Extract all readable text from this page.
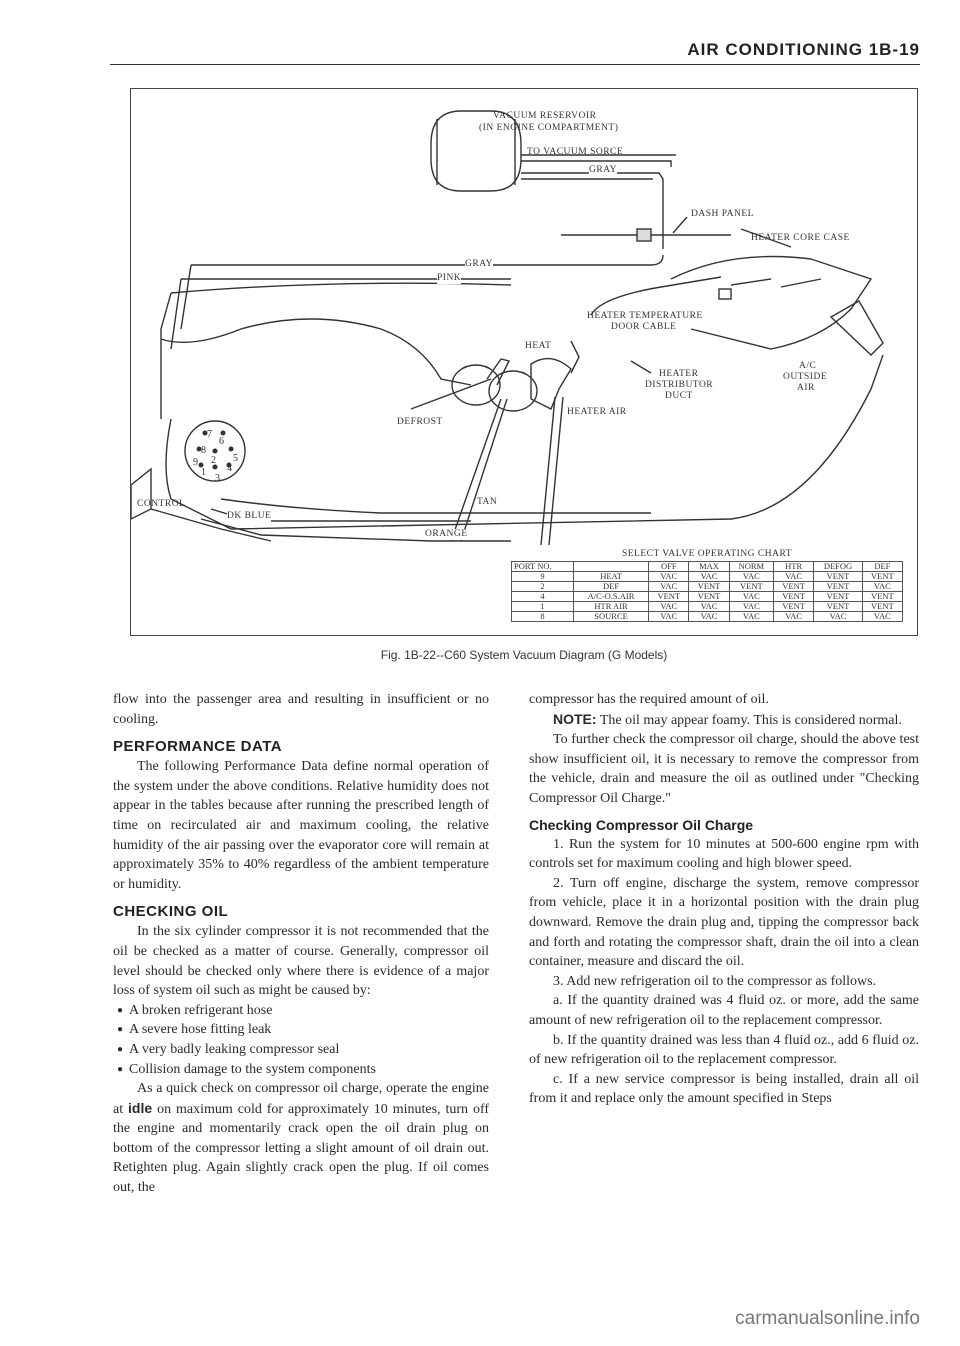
AIR CONDITIONING 1B-19
VACUUM RESERVOIR
(IN ENGINE COMPARTMENT)
TO VACUUM SORCE
GRAY
DASH PANEL
HEATER CORE CASE
GRAY
PINK
HEATER TEMPERATURE
DOOR CABLE
HEAT
A/C
OUTSIDE
AIR
HEATER
DISTRIBUTOR
DUCT
HEATER AIR
DEFROST
CONTROL
DK BLUE
TAN
ORANGE
7
6
8
5
9 2
4
1
3
SELECT VALVE OPERATING CHART
PORT NO.		OFF	MAX	NORM	HTR	DEFOG	DEF
9	HEAT	VAC	VAC	VAC	VAC	VENT	VENT
2	DEF	VAC	VENT	VENT	VENT	VENT	VAC
4	A/C-O.S.AIR	VENT	VENT	VAC	VENT	VENT	VENT
1	HTR AIR	VAC	VAC	VAC	VENT	VENT	VENT
8	SOURCE	VAC	VAC	VAC	VAC	VAC	VAC
Fig. 1B-22--C60 System Vacuum Diagram (G Models)

flow into the passenger area and resulting in insufficient or no cooling.

PERFORMANCE DATA

The following Performance Data define normal operation of the system under the above conditions. Relative humidity does not appear in the tables because after running the prescribed length of time on recirculated air and maximum cooling, the relative humidity of the air passing over the evaporator core will remain at approximately 35% to 40% regardless of the ambient temperature or humidity.

CHECKING OIL

In the six cylinder compressor it is not recommended that the oil be checked as a matter of course. Generally, compressor oil level should be checked only where there is evidence of a major loss of system oil such as might be caused by:

● A broken refrigerant hose

● A severe hose fitting leak

● A very badly leaking compressor seal

● Collision damage to the system components

As a quick check on compressor oil charge, operate the engine at idle on maximum cold for approximately 10 minutes, turn off the engine and momentarily crack open the oil drain plug on bottom of the compressor letting a slight amount of oil drain out. Retighten plug. Again slightly crack open the plug. If oil comes out, the

compressor has the required amount of oil.

NOTE: The oil may appear foamy. This is considered normal.

To further check the compressor oil charge, should the above test show insufficient oil, it is necessary to remove the compressor from the vehicle, drain and measure the oil as outlined under "Checking Compressor Oil Charge."

Checking Compressor Oil Charge

1. Run the system for 10 minutes at 500-600 engine rpm with controls set for maximum cooling and high blower speed.

2. Turn off engine, discharge the system, remove compressor from vehicle, place it in a horizontal position with the drain plug downward. Remove the drain plug and, tipping the compressor back and forth and rotating the compressor shaft, drain the oil into a clean container, measure and discard the oil.

3. Add new refrigeration oil to the compressor as follows.

a. If the quantity drained was 4 fluid oz. or more, add the same amount of new refrigeration oil to the replacement compressor.

b. If the quantity drained was less than 4 fluid oz., add 6 fluid oz. of new refrigeration oil to the replacement compressor.

c. If a new service compressor is being installed, drain all oil from it and replace only the amount specified in Steps

carmanualsonline.info
